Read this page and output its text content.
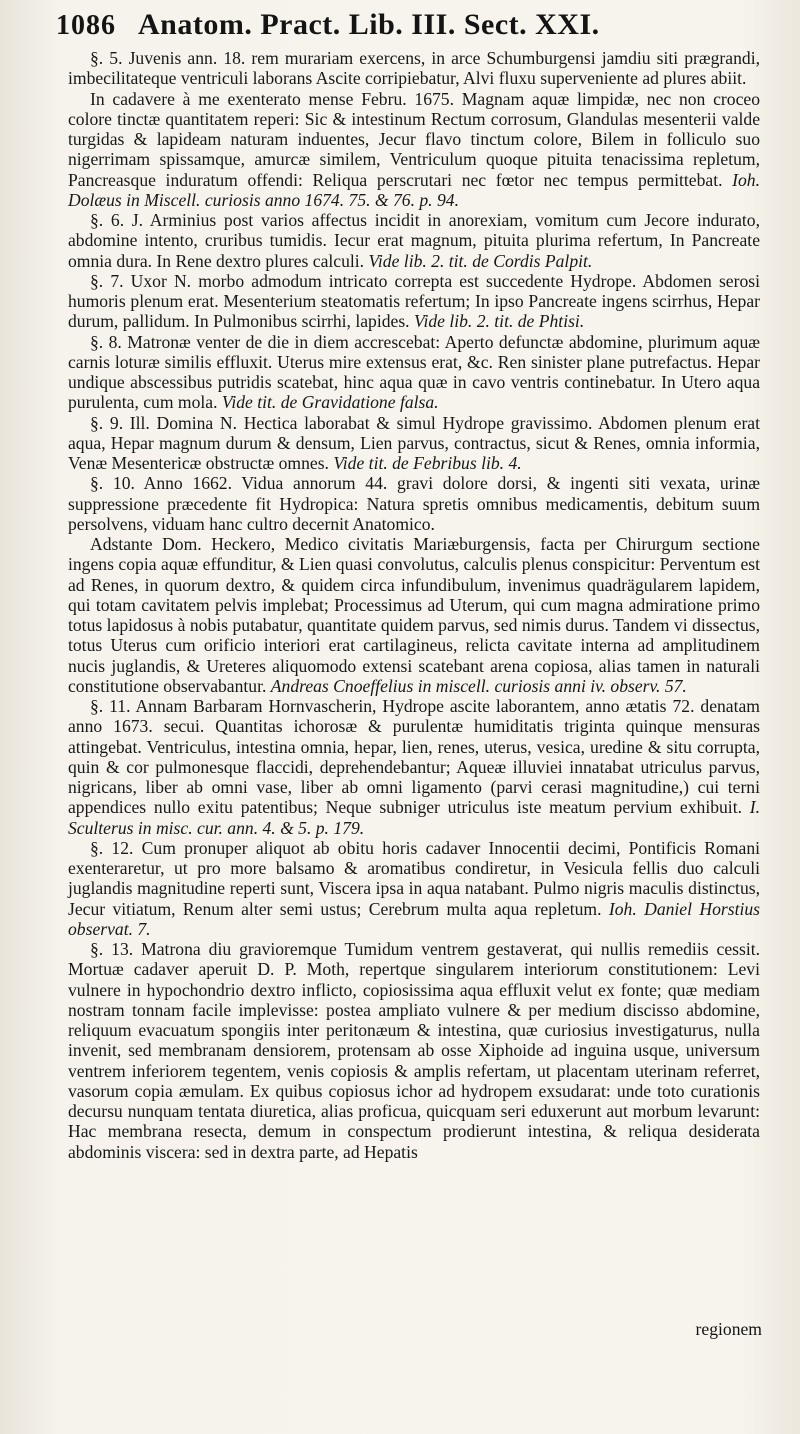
1086 Anatom. Pract. Lib. III. Sect. XXI.

§. 5. Juvenis ann. 18. rem murariam exercens, in arce Schumburgensi jamdiu siti prægrandi, imbecilitateque ventriculi laborans Ascite corripiebatur, Alvi fluxu superveniente ad plures abiit.

In cadavere à me exenterato mense Febru. 1675. Magnam aquæ limpidæ, nec non croceo colore tinctæ quantitatem reperi: Sic & intestinum Rectum corrosum, Glandulas mesenterii valde turgidas & lapideam naturam induentes, Jecur flavo tinctum colore, Bilem in folliculo suo nigerrimam spissamque, amurcæ similem, Ventriculum quoque pituita tenacissima repletum, Pancreasque induratum offendi: Reliqua perscrutari nec fœtor nec tempus permittebat. Ioh. Dolæus in Miscell. curiosis anno 1674. 75. & 76. p. 94.

§. 6. J. Arminius post varios affectus incidit in anorexiam, vomitum cum Jecore indurato, abdomine intento, cruribus tumidis. Iecur erat magnum, pituita plurima refertum, In Pancreate omnia dura. In Rene dextro plures calculi. Vide lib. 2. tit. de Cordis Palpit.

§. 7. Uxor N. morbo admodum intricato correpta est succedente Hydrope. Abdomen serosi humoris plenum erat. Mesenterium steatomatis refertum; In ipso Pancreate ingens scirrhus, Hepar durum, pallidum. In Pulmonibus scirrhi, lapides. Vide lib. 2. tit. de Phtisi.

§. 8. Matronæ venter de die in diem accrescebat: Aperto defunctæ abdomine, plurimum aquæ carnis loturæ similis effluxit. Uterus mire extensus erat, &c. Ren sinister plane putrefactus. Hepar undique abscessibus putridis scatebat, hinc aqua quæ in cavo ventris continebatur. In Utero aqua purulenta, cum mola. Vide tit. de Gravidatione falsa.

§. 9. Ill. Domina N. Hectica laborabat & simul Hydrope gravissimo. Abdomen plenum erat aqua, Hepar magnum durum & densum, Lien parvus, contractus, sicut & Renes, omnia informia, Venæ Mesentericæ obstructæ omnes. Vide tit. de Febribus lib. 4.

§. 10. Anno 1662. Vidua annorum 44. gravi dolore dorsi, & ingenti siti vexata, urinæ suppressione præcedente fit Hydropica: Natura spretis omnibus medicamentis, debitum suum persolvens, viduam hanc cultro decernit Anatomico.

Adstante Dom. Heckero, Medico civitatis Mariæburgensis, facta per Chirurgum sectione ingens copia aquæ effunditur, & Lien quasi convolutus, calculis plenus conspicitur: Perventum est ad Renes, in quorum dextro, & quidem circa infundibulum, invenimus quadrägularem lapidem, qui totam cavitatem pelvis implebat; Processimus ad Uterum, qui cum magna admiratione primo totus lapidosus à nobis putabatur, quantitate quidem parvus, sed nimis durus. Tandem vi dissectus, totus Uterus cum orificio interiori erat cartilagineus, relicta cavitate interna ad amplitudinem nucis juglandis, & Ureteres aliquomodo extensi scatebant arena copiosa, alias tamen in naturali constitutione observabantur. Andreas Cnoeffelius in miscell. curiosis anni iv. observ. 57.

§. 11. Annam Barbaram Hornvascherin, Hydrope ascite laborantem, anno ætatis 72. denatam anno 1673. secui. Quantitas ichorosæ & purulentæ humiditatis triginta quinque mensuras attingebat. Ventriculus, intestina omnia, hepar, lien, renes, uterus, vesica, uredine & situ corrupta, quin & cor pulmonesque flaccidi, deprehendebantur; Aqueæ illuviei innatabat utriculus parvus, nigricans, liber ab omni vase, liber ab omni ligamento (parvi cerasi magnitudine,) cui terni appendices nullo exitu patentibus; Neque subniger utriculus iste meatum pervium exhibuit. I. Sculterus in misc. cur. ann. 4. & 5. p. 179.

§. 12. Cum pronuper aliquot ab obitu horis cadaver Innocentii decimi, Pontificis Romani exenteraretur, ut pro more balsamo & aromatibus condiretur, in Vesicula fellis duo calculi juglandis magnitudine reperti sunt, Viscera ipsa in aqua natabant. Pulmo nigris maculis distinctus, Jecur vitiatum, Renum alter semi ustus; Cerebrum multa aqua repletum. Ioh. Daniel Horstius observat. 7.

§. 13. Matrona diu gravioremque Tumidum ventrem gestaverat, qui nullis remediis cessit. Mortuæ cadaver aperuit D. P. Moth, repertque singularem interiorum constitutionem: Levi vulnere in hypochondrio dextro inflicto, copiosissima aqua effluxit velut ex fonte; quæ mediam nostram tonnam facile implevisse: postea ampliato vulnere & per medium discisso abdomine, reliquum evacuatum spongiis inter peritonæum & intestina, quæ curiosius investigaturus, nulla invenit, sed membranam densiorem, protensam ab osse Xiphoide ad inguina usque, universum ventrem inferiorem tegentem, venis copiosis & amplis refertam, ut placentam uterinam referret, vasorum copia æmulam. Ex quibus copiosus ichor ad hydropem exsudarat: unde toto curationis decursu nunquam tentata diuretica, alias proficua, quicquam seri eduxerunt aut morbum levarunt: Hac membrana resecta, demum in conspectum prodierunt intestina, & reliqua desiderata abdominis viscera: sed in dextra parte, ad Hepatis

regionem
